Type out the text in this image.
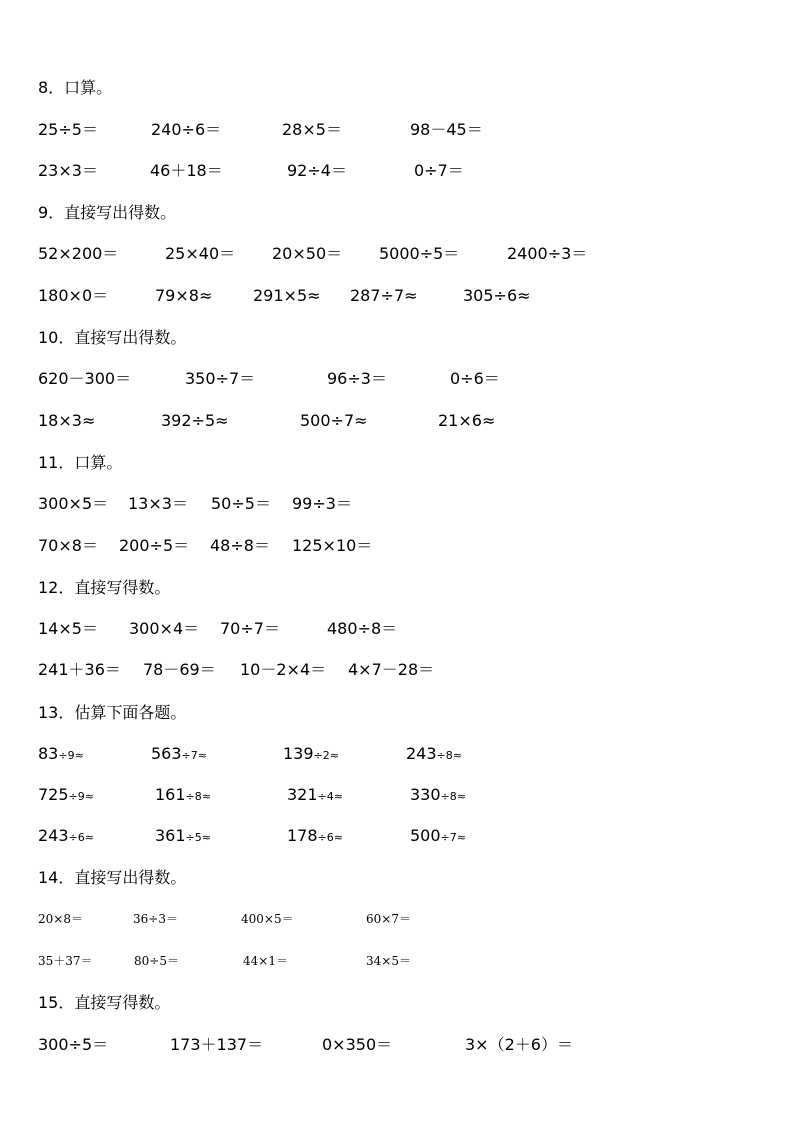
8．口算。
25÷5＝	240÷6＝	28×5＝	98－45＝
23×3＝	46＋18＝	92÷4＝	0÷7＝
9．直接写出得数。
52×200＝	25×40＝ 20×50＝ 5000÷5＝	2400÷3＝
180×0＝	79×8≈	291×5≈ 287÷7≈	305÷6≈
10．直接写出得数。
620－300＝	350÷7＝	96÷3＝	0÷6＝
18×3≈	392÷5≈	500÷7≈	21×6≈
11．口算。
300×5＝ 13×3＝ 50÷5＝ 99÷3＝
70×8＝ 200÷5＝ 48÷8＝ 125×10＝
12．直接写得数。
14×5＝ 300×4＝ 70÷7＝	480÷8＝
241＋36＝ 78－69＝ 10－2×4＝ 4×7－28＝
13．估算下面各题。
83÷9≈	563÷7≈	139÷2≈	243÷8≈
725÷9≈	161÷8≈	321÷4≈	330÷8≈
243÷6≈	361÷5≈	178÷6≈	500÷7≈
14．直接写出得数。
20×8＝	36÷3＝	400×5＝	60×7＝
35＋37＝	80÷5＝	44×1＝	34×5＝
15．直接写得数。
300÷5＝	173＋137＝	0×350＝	3×（2＋6）＝
